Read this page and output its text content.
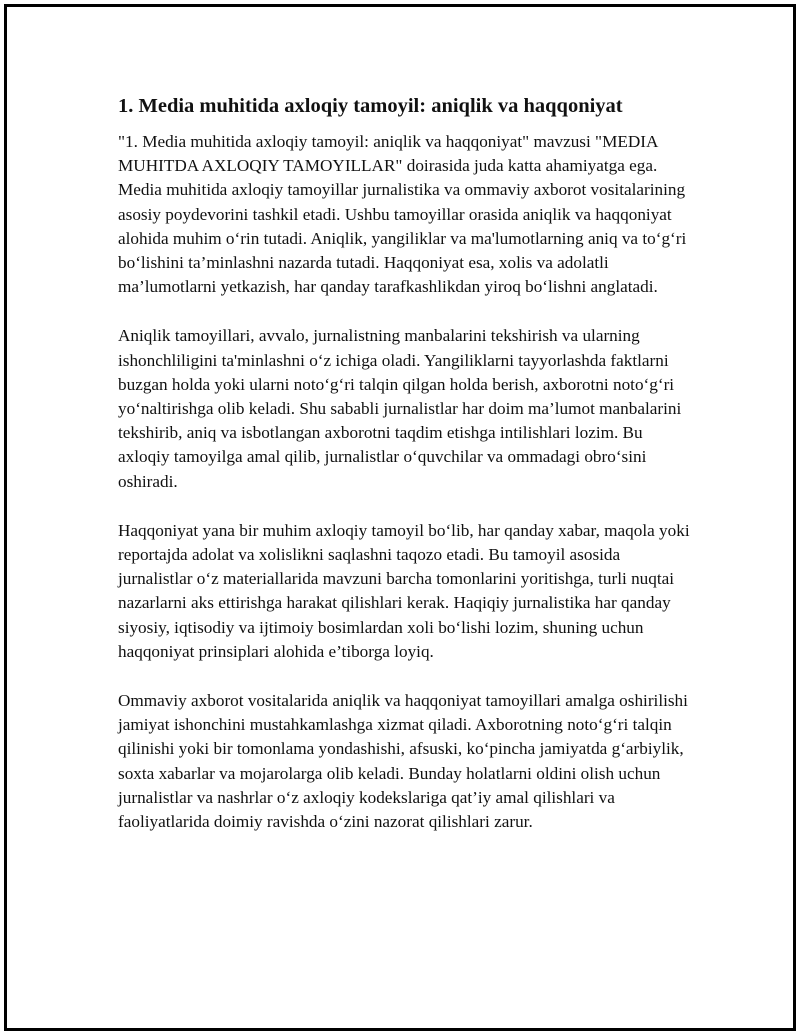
1. Media muhitida axloqiy tamoyil: aniqlik va haqqoniyat

"1. Media muhitida axloqiy tamoyil: aniqlik va haqqoniyat" mavzusi "MEDIA MUHITDA AXLOQIY TAMOYILLAR" doirasida juda katta ahamiyatga ega. Media muhitida axloqiy tamoyillar jurnalistika va ommaviy axborot vositalarining asosiy poydevorini tashkil etadi. Ushbu tamoyillar orasida aniqlik va haqqoniyat alohida muhim o‘rin tutadi. Aniqlik, yangiliklar va ma'lumotlarning aniq va to‘g‘ri bo‘lishini ta’minlashni nazarda tutadi. Haqqoniyat esa, xolis va adolatli ma’lumotlarni yetkazish, har qanday tarafkashlikdan yiroq bo‘lishni anglatadi.

Aniqlik tamoyillari, avvalo, jurnalistning manbalarini tekshirish va ularning ishonchliligini ta'minlashni o‘z ichiga oladi. Yangiliklarni tayyorlashda faktlarni buzgan holda yoki ularni noto‘g‘ri talqin qilgan holda berish, axborotni noto‘g‘ri yo‘naltirishga olib keladi. Shu sababli jurnalistlar har doim ma’lumot manbalarini tekshirib, aniq va isbotlangan axborotni taqdim etishga intilishlari lozim. Bu axloqiy tamoyilga amal qilib, jurnalistlar o‘quvchilar va ommadagi obro‘sini oshiradi.

Haqqoniyat yana bir muhim axloqiy tamoyil bo‘lib, har qanday xabar, maqola yoki reportajda adolat va xolislikni saqlashni taqozo etadi. Bu tamoyil asosida jurnalistlar o‘z materiallarida mavzuni barcha tomonlarini yoritishga, turli nuqtai nazarlarni aks ettirishga harakat qilishlari kerak. Haqiqiy jurnalistika har qanday siyosiy, iqtisodiy va ijtimoiy bosimlardan xoli bo‘lishi lozim, shuning uchun haqqoniyat prinsiplari alohida e’tiborga loyiq.

Ommaviy axborot vositalarida aniqlik va haqqoniyat tamoyillari amalga oshirilishi jamiyat ishonchini mustahkamlashga xizmat qiladi. Axborotning noto‘g‘ri talqin qilinishi yoki bir tomonlama yondashishi, afsuski, ko‘pincha jamiyatda g‘arbiylik, soxta xabarlar va mojarolarga olib keladi. Bunday holatlarni oldini olish uchun jurnalistlar va nashrlar o‘z axloqiy kodekslariga qat’iy amal qilishlari va faoliyatlarida doimiy ravishda o‘zini nazorat qilishlari zarur.
